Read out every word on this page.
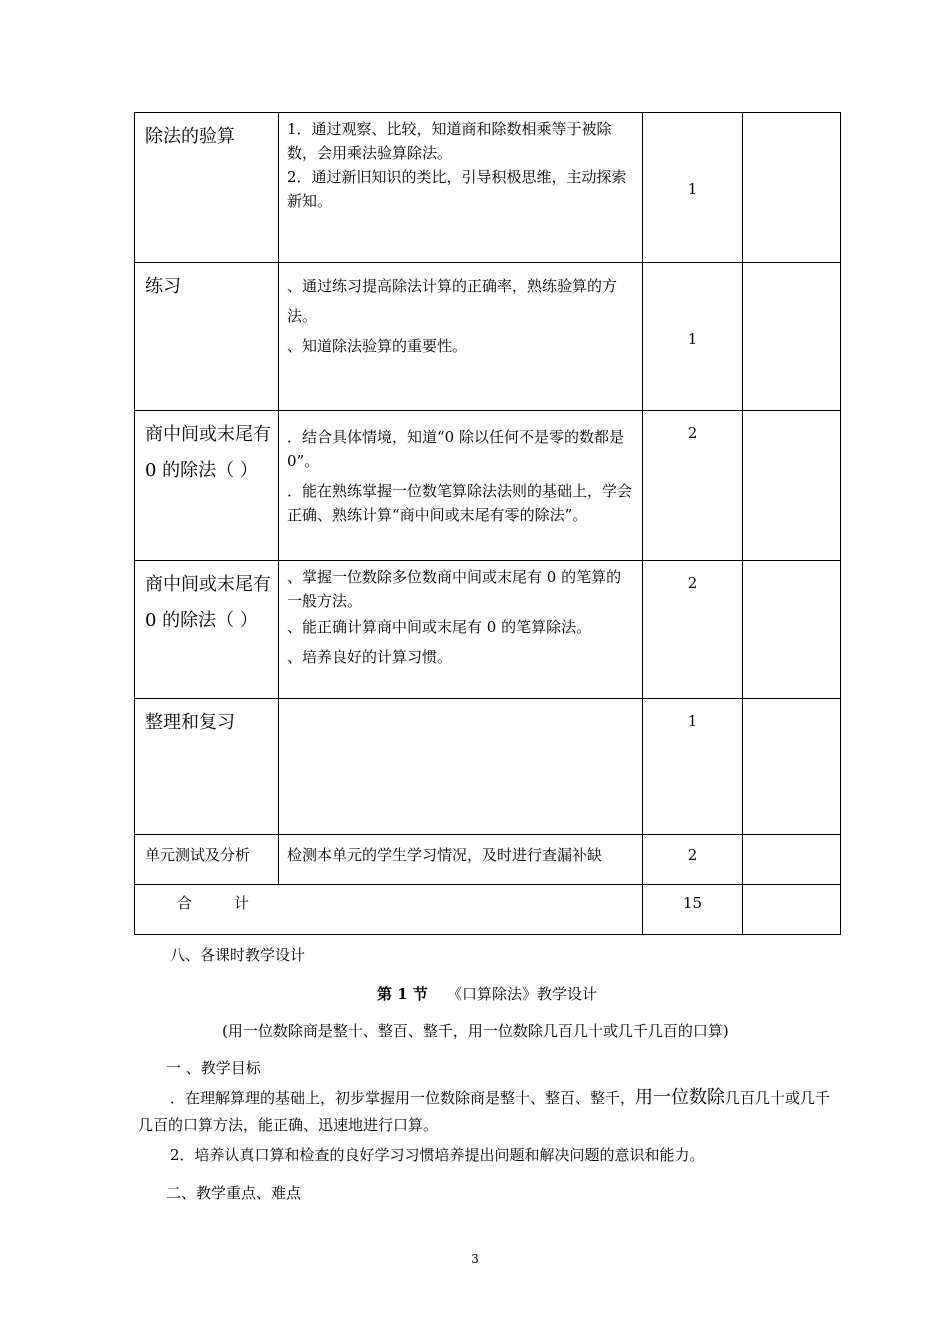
除法的验算	1．通过观察、比较，知道商和除数相乘等于被除数，会用乘法验算除法。

2．通过新旧知识的类比，引导积极思维，主动探索新知。	1	
练习	、通过练习提高除法计算的正确率，熟练验算的方法。

、知道除法验算的重要性。	1	
商中间或末尾有 0 的除法（ ）	．结合具体情境，知道“0 除以任何不是零的数都是 0”。

．能在熟练掌握一位数笔算除法法则的基础上，学会正确、熟练计算“商中间或末尾有零的除法”。	2	
商中间或末尾有 0 的除法（ ）	、掌握一位数除多位数商中间或末尾有 0 的笔算的一般方法。

、能正确计算商中间或末尾有 0 的笔算除法。

、培养良好的计算习惯。	2	
整理和复习		1	
单元测试及分析	检测本单元的学生学习情况，及时进行查漏补缺	2	
合 计		15	
八、各课时教学设计
第 1 节 《口算除法》教学设计
(用一位数除商是整十、整百、整千，用一位数除几百几十或几千几百的口算)
一 、教学目标
．在理解算理的基础上，初步掌握用一位数除商是整十、整百、整千，用一位数除几百几十或几千几百的口算方法，能正确、迅速地进行口算。
2．培养认真口算和检查的良好学习习惯培养提出问题和解决问题的意识和能力。
二、教学重点、难点
3
